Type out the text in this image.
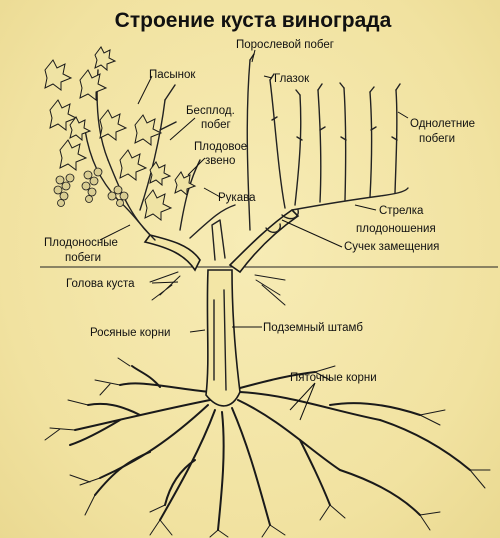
Строение куста винограда
Порослевой побег
Глазок
Пасынок
Бесплод.
побег
Плодовое
звено
Рукава
Однолетние
побеги
Стрелка
плодоношения
Сучек замещения
Плодоносные
побеги
Голова куста
Росяные корни	Подземный штамб
Пяточные корни
